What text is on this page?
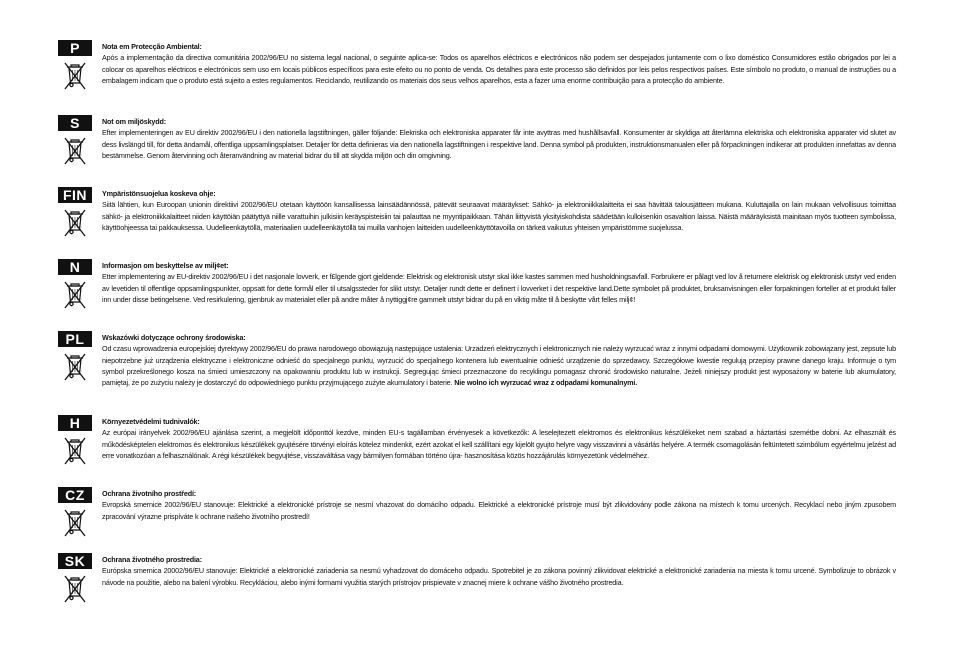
P	Nota em Protecção Ambiental:
Após a implementação da directiva comunitária 2002/96/EU no sistema legal nacional, o seguinte aplica-se: Todos os aparelhos eléctricos e electrónicos não podem ser despejados juntamente com o lixo doméstico Consumidores estão obrigados por lei a colocar os aparelhos eléctricos e electrónicos sem uso em locais públicos específicos para este efeito ou no ponto de venda. Os detalhes para este processo são definidos por leis pelos respectivos países. Este símbolo no produto, o manual de instruções ou a embalagem indicam que o produto está sujeito a estes regulamentos. Reciclando, reutilizando os materiais dos seus velhos aparelhos, esta a fazer uma enorme contribuição para a protecção do ambiente.
S	Not om miljöskydd:
Efter implementeringen av EU direktiv 2002/96/EU i den nationella lagstiftningen, gäller följande: Elekriska och elektroniska apparater får inte avyttras med hushållsavfall. Konsumenter är skyldiga att återlämna elektriska och elektroniska apparater vid slutet av dess livslängd till, för detta ändamål, offentliga uppsamlingsplatser. Detaljer för detta definieras via den nationella lagstiftningen i respektive land. Denna symbol på produkten, instruktionsmanualen eller på förpackningen indikerar att produkten innefattas av denna bestämmelse. Genom återvinning och återanvändning av material bidrar du till att skydda miljön och din omgivning.
FIN	Ympäristönsuojelua koskeva ohje:
Siitä lähtien, kun Euroopan unionin direktiivi 2002/96/EU otetaan käyttöön kansallisessa lainsäädännössä, pätevät seuraavat määräykset: Sähkö- ja elektroniikkalaitteita ei saa hävittää talousjätteen mukana. Kuluttajalla on lain mukaan velvollisuus toimittaa sähkö- ja elektroniikkalaitteet niiden käyttöiän päätyttyä niille varattuihin julkisiin keräyspisteisiin tai palauttaa ne myyntipaikkaan. Tähän liittyvistä yksityiskohdista säädetään kulloisenkin osavaltion laissa. Näistä määräyksistä mainitaan myös tuotteen symbolissa, käyttöohjeessa tai pakkauksessa. Uudelleenkäytöllä, materiaalien uudelleenkäytöllä tai muilla vanhojen laitteiden uudelleenkäyttötavoilla on tärkeä vaikutus yhteisen ympäristömme suojelussa.
N	Informasjon om beskyttelse av milj¢et:
Etter implementering av EU-direktiv 2002/96/EU i det nasjonale lovverk, er f£lgende gjort gjeldende: Elektrisk og elektronisk utstyr skal ikke kastes sammen med husholdningsavfall. Forbrukere er pålagt ved lov å returnere elektrisk og elektronisk utstyr ved enden av levetiden til offentlige oppsamlingspunkter, oppsatt for dette formål eller til utsalgssteder for slikt utstyr. Detaljer rundt dette er definert i lovverket i det respektive land.Dette symbolet på produktet, bruksanvisningen eller forpakningen forteller at et produkt faller inn under disse betingelsene. Ved resirkulering, gjenbruk av materialet eller på andre måter å nyttiggj¢re gammelt utstyr bidrar du på en viktig måte til å beskytte vårt felles milj¢!
PL	Wskazówki dotyczące ochrony środowiska:
Od czasu wprowadzenia europejskiej dyrektywy 2002/96/EU do prawa narodowego obowiązują następujące ustalenia: Urzadzeń elektrycznych i elektronicznych nie należy wyrzucać wraz z innymi odpadami domowymi. Użytkownik zobowiązany jest, zepsute lub niepotrzebne już urządzenia elektryczne i elektroniczne odnieść do specjalnego punktu, wyrzucić do specjalnego kontenera lub ewentualnie odnieść urządzenie do sprzedawcy. Szczegółowe kwestie regulują przepisy prawne danego kraju. Informuje o tym symbol przekreślonego kosza na śmieci umieszczony na opakowaniu produktu lub w instrukcji. Segregując śmieci przeznaczone do recyklingu pomagasz chronić środowisko naturalne. Jeżeli niniejszy produkt jest wyposażony w baterie lub akumulatory, pamiętaj, że po zużyciu należy je dostarczyć do odpowiedniego punktu przyjmującego zużyte akumulatory i baterie. Nie wolno ich wyrzucać wraz z odpadami komunalnymi.
H	Környezetvédelmi tudnivalók:
Az európai irányelvek 2002/96/EU ajánlása szerint, a megjelölt időponttól kezdve, minden EU-s tagállamban érvényesek a következők: A leselejtezett elektromos és elektronikus készülékeket nem szabad a háztartási szemétbe dobni. Az elhasznált és működésképtelen elektromos és elektronikus készülékek gyujtésére törvényi eloírás kötelez mindenkit, ezért azokat el kell szállítani egy kijelölt gyujto helyre vagy visszavinni a vásárlás helyére. A termék csomagolásán feltüntetett szimbólum egyértelmu jelzést ad erre vonatkozóan a felhasználónak. A régi készülékek begyujtése, visszaváltása vagy bármilyen formában történo újra- hasznosítása közös hozzájárulás környezetünk védelméhez.
CZ	Ochrana životního prostředí:
Evropská smernice 2002/96/EU stanovuje: Elektrické a elektronické prístroje se nesmí vhazovat do domácího odpadu. Elektrické a elektronické prístroje musí být zlikvidovány podle zákona na místech k tomu urcených. Recyklací nebo jiným zpusobem zpracování výrazne prispíváte k ochrane našeho životního prostredí!
SK	Ochrana životného prostredia:
Európska smernica 20002/96/EU stanovuje: Elektrické a elektronické zariadenia sa nesmú vyhadzovat do domáceho odpadu. Spotrebitel je zo zákona povinný zlikvidovat elektrické a elektronické zariadenia na miesta k tomu urcené. Symbolizuje to obrázok v návode na použitie, alebo na balení výrobku. Recykláciou, alebo inými formami využitia starých prístrojov prispievate v znacnej miere k ochrane vášho životného prostredia.
